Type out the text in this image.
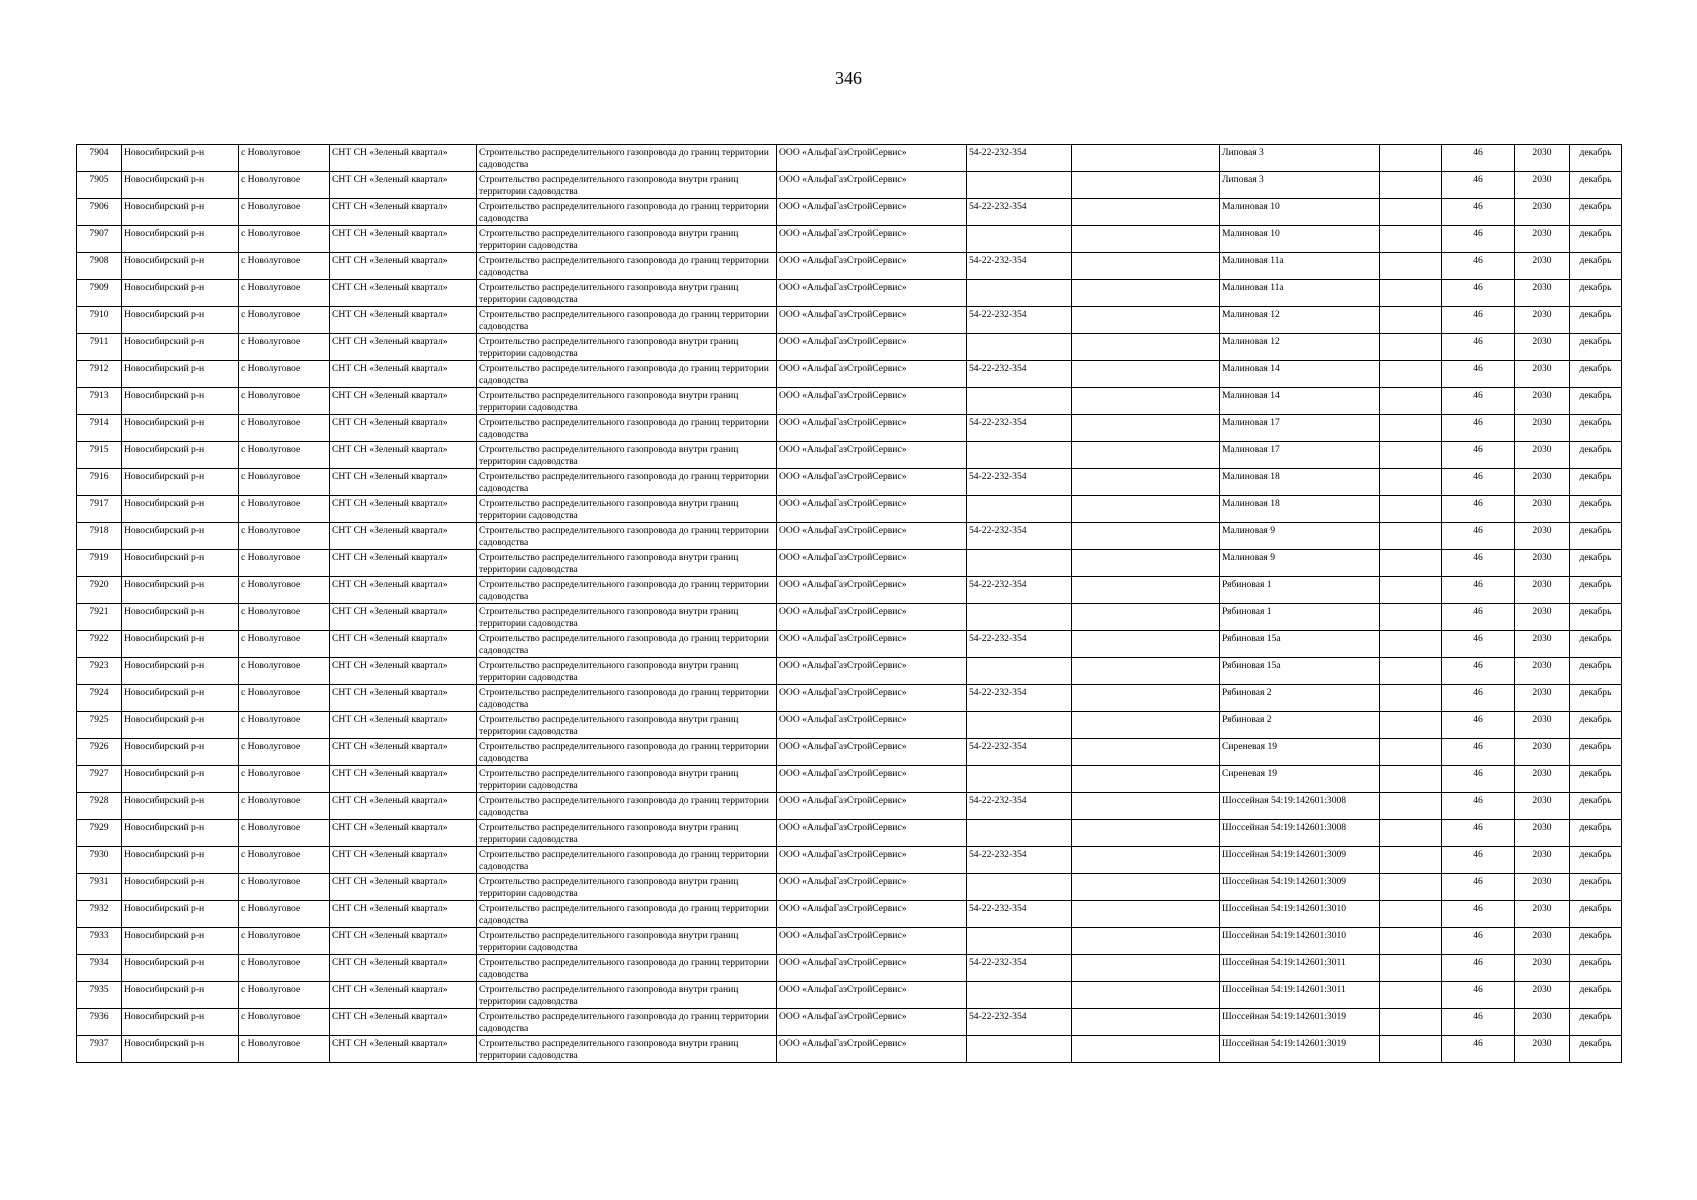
346
7904	Новосибирский р-н	с Новолуговое	СНТ СН «Зеленый квартал»	Строительство распределительного газопровода до границ территории садоводства	ООО «АльфаГазСтройСервис»	54-22-232-354		Липовая 3		46	2030	декабрь
7905	Новосибирский р-н	с Новолуговое	СНТ СН «Зеленый квартал»	Строительство распределительного газопровода внутри границ территории садоводства	ООО «АльфаГазСтройСервис»			Липовая 3		46	2030	декабрь
7906	Новосибирский р-н	с Новолуговое	СНТ СН «Зеленый квартал»	Строительство распределительного газопровода до границ территории садоводства	ООО «АльфаГазСтройСервис»	54-22-232-354		Малиновая 10		46	2030	декабрь
7907	Новосибирский р-н	с Новолуговое	СНТ СН «Зеленый квартал»	Строительство распределительного газопровода внутри границ территории садоводства	ООО «АльфаГазСтройСервис»			Малиновая 10		46	2030	декабрь
7908	Новосибирский р-н	с Новолуговое	СНТ СН «Зеленый квартал»	Строительство распределительного газопровода до границ территории садоводства	ООО «АльфаГазСтройСервис»	54-22-232-354		Малиновая 11а		46	2030	декабрь
7909	Новосибирский р-н	с Новолуговое	СНТ СН «Зеленый квартал»	Строительство распределительного газопровода внутри границ территории садоводства	ООО «АльфаГазСтройСервис»			Малиновая 11а		46	2030	декабрь
7910	Новосибирский р-н	с Новолуговое	СНТ СН «Зеленый квартал»	Строительство распределительного газопровода до границ территории садоводства	ООО «АльфаГазСтройСервис»	54-22-232-354		Малиновая 12		46	2030	декабрь
7911	Новосибирский р-н	с Новолуговое	СНТ СН «Зеленый квартал»	Строительство распределительного газопровода внутри границ территории садоводства	ООО «АльфаГазСтройСервис»			Малиновая 12		46	2030	декабрь
7912	Новосибирский р-н	с Новолуговое	СНТ СН «Зеленый квартал»	Строительство распределительного газопровода до границ территории садоводства	ООО «АльфаГазСтройСервис»	54-22-232-354		Малиновая 14		46	2030	декабрь
7913	Новосибирский р-н	с Новолуговое	СНТ СН «Зеленый квартал»	Строительство распределительного газопровода внутри границ территории садоводства	ООО «АльфаГазСтройСервис»			Малиновая 14		46	2030	декабрь
7914	Новосибирский р-н	с Новолуговое	СНТ СН «Зеленый квартал»	Строительство распределительного газопровода до границ территории садоводства	ООО «АльфаГазСтройСервис»	54-22-232-354		Малиновая 17		46	2030	декабрь
7915	Новосибирский р-н	с Новолуговое	СНТ СН «Зеленый квартал»	Строительство распределительного газопровода внутри границ территории садоводства	ООО «АльфаГазСтройСервис»			Малиновая 17		46	2030	декабрь
7916	Новосибирский р-н	с Новолуговое	СНТ СН «Зеленый квартал»	Строительство распределительного газопровода до границ территории садоводства	ООО «АльфаГазСтройСервис»	54-22-232-354		Малиновая 18		46	2030	декабрь
7917	Новосибирский р-н	с Новолуговое	СНТ СН «Зеленый квартал»	Строительство распределительного газопровода внутри границ территории садоводства	ООО «АльфаГазСтройСервис»			Малиновая 18		46	2030	декабрь
7918	Новосибирский р-н	с Новолуговое	СНТ СН «Зеленый квартал»	Строительство распределительного газопровода до границ территории садоводства	ООО «АльфаГазСтройСервис»	54-22-232-354		Малиновая 9		46	2030	декабрь
7919	Новосибирский р-н	с Новолуговое	СНТ СН «Зеленый квартал»	Строительство распределительного газопровода внутри границ территории садоводства	ООО «АльфаГазСтройСервис»			Малиновая 9		46	2030	декабрь
7920	Новосибирский р-н	с Новолуговое	СНТ СН «Зеленый квартал»	Строительство распределительного газопровода до границ территории садоводства	ООО «АльфаГазСтройСервис»	54-22-232-354		Рябиновая 1		46	2030	декабрь
7921	Новосибирский р-н	с Новолуговое	СНТ СН «Зеленый квартал»	Строительство распределительного газопровода внутри границ территории садоводства	ООО «АльфаГазСтройСервис»			Рябиновая 1		46	2030	декабрь
7922	Новосибирский р-н	с Новолуговое	СНТ СН «Зеленый квартал»	Строительство распределительного газопровода до границ территории садоводства	ООО «АльфаГазСтройСервис»	54-22-232-354		Рябиновая 15а		46	2030	декабрь
7923	Новосибирский р-н	с Новолуговое	СНТ СН «Зеленый квартал»	Строительство распределительного газопровода внутри границ территории садоводства	ООО «АльфаГазСтройСервис»			Рябиновая 15а		46	2030	декабрь
7924	Новосибирский р-н	с Новолуговое	СНТ СН «Зеленый квартал»	Строительство распределительного газопровода до границ территории садоводства	ООО «АльфаГазСтройСервис»	54-22-232-354		Рябиновая 2		46	2030	декабрь
7925	Новосибирский р-н	с Новолуговое	СНТ СН «Зеленый квартал»	Строительство распределительного газопровода внутри границ территории садоводства	ООО «АльфаГазСтройСервис»			Рябиновая 2		46	2030	декабрь
7926	Новосибирский р-н	с Новолуговое	СНТ СН «Зеленый квартал»	Строительство распределительного газопровода до границ территории садоводства	ООО «АльфаГазСтройСервис»	54-22-232-354		Сиреневая 19		46	2030	декабрь
7927	Новосибирский р-н	с Новолуговое	СНТ СН «Зеленый квартал»	Строительство распределительного газопровода внутри границ территории садоводства	ООО «АльфаГазСтройСервис»			Сиреневая 19		46	2030	декабрь
7928	Новосибирский р-н	с Новолуговое	СНТ СН «Зеленый квартал»	Строительство распределительного газопровода до границ территории садоводства	ООО «АльфаГазСтройСервис»	54-22-232-354		Шоссейная 54:19:142601:3008		46	2030	декабрь
7929	Новосибирский р-н	с Новолуговое	СНТ СН «Зеленый квартал»	Строительство распределительного газопровода внутри границ территории садоводства	ООО «АльфаГазСтройСервис»			Шоссейная 54:19:142601:3008		46	2030	декабрь
7930	Новосибирский р-н	с Новолуговое	СНТ СН «Зеленый квартал»	Строительство распределительного газопровода до границ территории садоводства	ООО «АльфаГазСтройСервис»	54-22-232-354		Шоссейная 54:19:142601:3009		46	2030	декабрь
7931	Новосибирский р-н	с Новолуговое	СНТ СН «Зеленый квартал»	Строительство распределительного газопровода внутри границ территории садоводства	ООО «АльфаГазСтройСервис»			Шоссейная 54:19:142601:3009		46	2030	декабрь
7932	Новосибирский р-н	с Новолуговое	СНТ СН «Зеленый квартал»	Строительство распределительного газопровода до границ территории садоводства	ООО «АльфаГазСтройСервис»	54-22-232-354		Шоссейная 54:19:142601:3010		46	2030	декабрь
7933	Новосибирский р-н	с Новолуговое	СНТ СН «Зеленый квартал»	Строительство распределительного газопровода внутри границ территории садоводства	ООО «АльфаГазСтройСервис»			Шоссейная 54:19:142601:3010		46	2030	декабрь
7934	Новосибирский р-н	с Новолуговое	СНТ СН «Зеленый квартал»	Строительство распределительного газопровода до границ территории садоводства	ООО «АльфаГазСтройСервис»	54-22-232-354		Шоссейная 54:19:142601:3011		46	2030	декабрь
7935	Новосибирский р-н	с Новолуговое	СНТ СН «Зеленый квартал»	Строительство распределительного газопровода внутри границ территории садоводства	ООО «АльфаГазСтройСервис»			Шоссейная 54:19:142601:3011		46	2030	декабрь
7936	Новосибирский р-н	с Новолуговое	СНТ СН «Зеленый квартал»	Строительство распределительного газопровода до границ территории садоводства	ООО «АльфаГазСтройСервис»	54-22-232-354		Шоссейная 54:19:142601:3019		46	2030	декабрь
7937	Новосибирский р-н	с Новолуговое	СНТ СН «Зеленый квартал»	Строительство распределительного газопровода внутри границ территории садоводства	ООО «АльфаГазСтройСервис»			Шоссейная 54:19:142601:3019		46	2030	декабрь
